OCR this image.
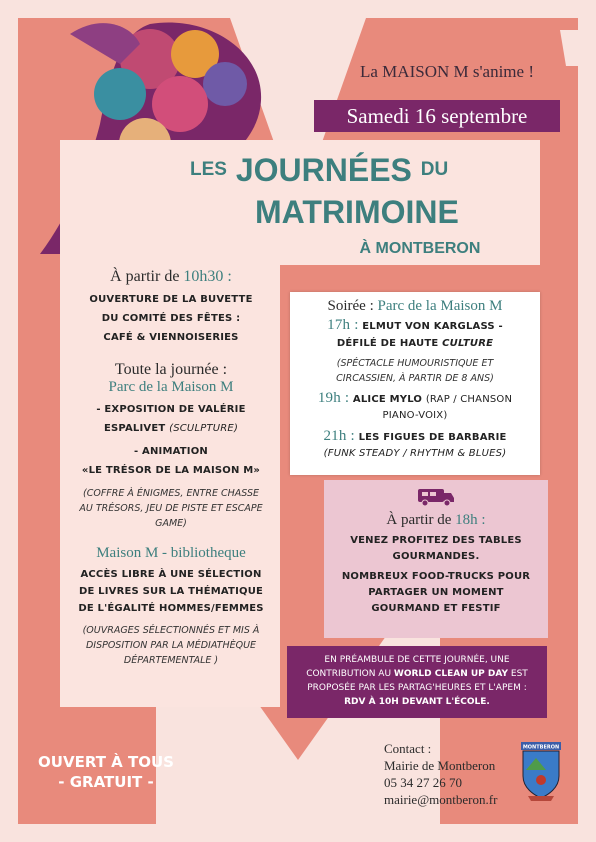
La MAISON M s'anime !
Samedi 16 septembre
$^{LES}$ JOURNÉES $^{DU}$
MATRIMOINE
À MONTBERON
À partir de 10h30 :
OUVERTURE DE LA BUVETTE
DU COMITÉ DES FÊTES :
CAFÉ & VIENNOISERIES
Toute la journée :
Parc de la Maison M
- EXPOSITION DE VALÉRIE
ESPALIVET (SCULPTURE)
- ANIMATION
«LE TRÉSOR DE LA MAISON M»
(COFFRE À ÉNIGMES, ENTRE CHASSE
AU TRÉSORS, JEU DE PISTE ET ESCAPE
GAME)
Maison M - bibliotheque
ACCÈS LIBRE À UNE SÉLECTION
DE LIVRES SUR LA THÉMATIQUE
DE L'ÉGALITÉ HOMMES/FEMMES
(OUVRAGES SÉLECTIONNÉS ET MIS À
DISPOSITION PAR LA MÉDIATHÈQUE
DÉPARTEMENTALE )
Soirée : Parc de la Maison M
17h : ELMUT VON KARGLASS -
DÉFILÉ DE HAUTE CULTURE
(SPÉCTACLE HUMOURISTIQUE ET
CIRCASSIEN, À PARTIR DE 8 ANS)
19h : ALICE MYLO (RAP / CHANSON
PIANO-VOIX)
21h : LES FIGUES DE BARBARIE
(FUNK STEADY / RHYTHM & BLUES)
À partir de 18h :
VENEZ PROFITEZ DES TABLES
GOURMANDES.
NOMBREUX FOOD-TRUCKS POUR
PARTAGER UN MOMENT
GOURMAND ET FESTIF
EN PRÉAMBULE DE CETTE JOURNÉE, UNE
CONTRIBUTION AU WORLD CLEAN UP DAY EST
PROPOSÉE PAR LES PARTAG'HEURES ET L'APEM :
RDV À 10H DEVANT L'ÉCOLE.
OUVERT À TOUS
- GRATUIT -
Contact :
Mairie de Montberon
05 34 27 26 70
mairie@montberon.fr
MONTBERON
